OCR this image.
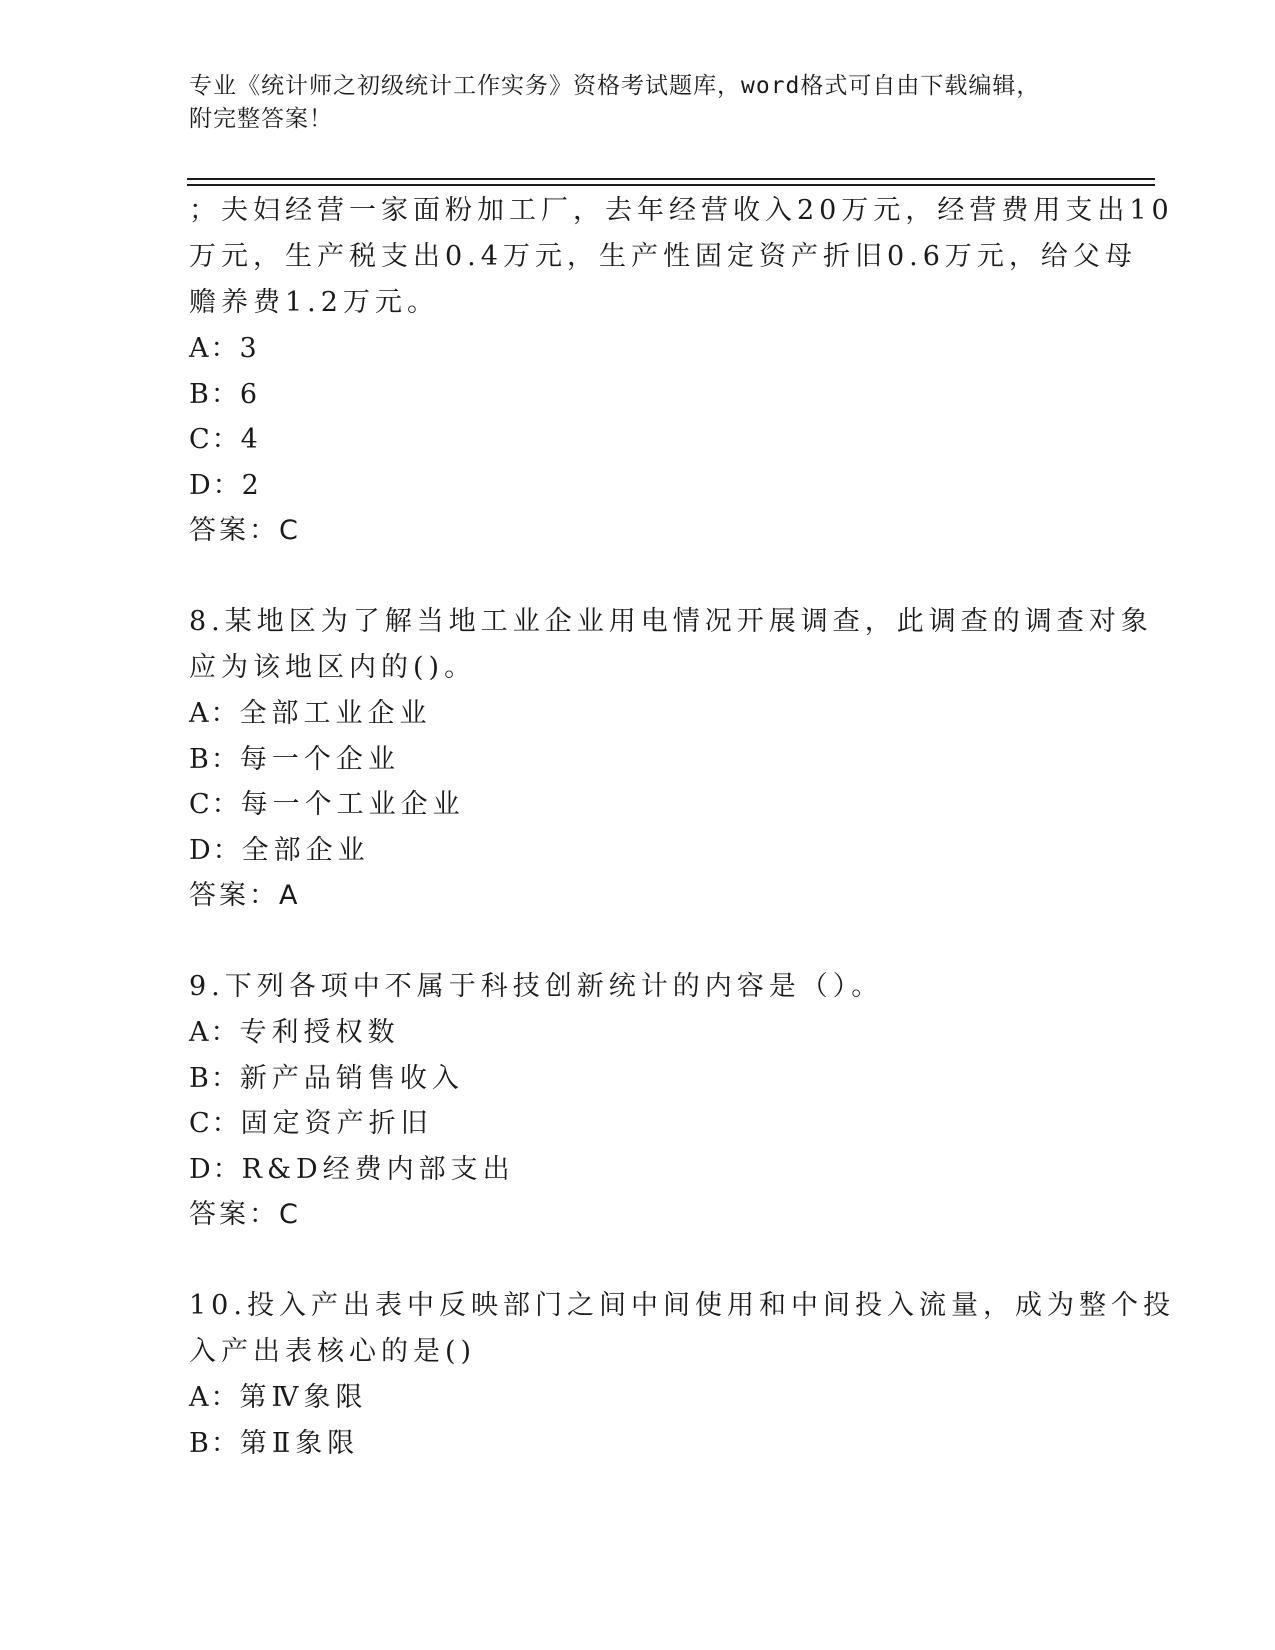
专业《统计师之初级统计工作实务》资格考试题库，word格式可自由下载编辑，
附完整答案！
；夫妇经营一家面粉加工厂，去年经营收入20万元，经营费用支出10
万元，生产税支出0.4万元，生产性固定资产折旧0.6万元，给父母
赡养费1.2万元。
A：3
B：6
C：4
D：2
答案：C
8.某地区为了解当地工业企业用电情况开展调查，此调查的调查对象
应为该地区内的()。
A：全部工业企业
B：每一个企业
C：每一个工业企业
D：全部企业
答案：A
9.下列各项中不属于科技创新统计的内容是（）。
A：专利授权数
B：新产品销售收入
C：固定资产折旧
D：R&D经费内部支出
答案：C
10.投入产出表中反映部门之间中间使用和中间投入流量，成为整个投
入产出表核心的是()
A：第Ⅳ象限
B：第Ⅱ象限
